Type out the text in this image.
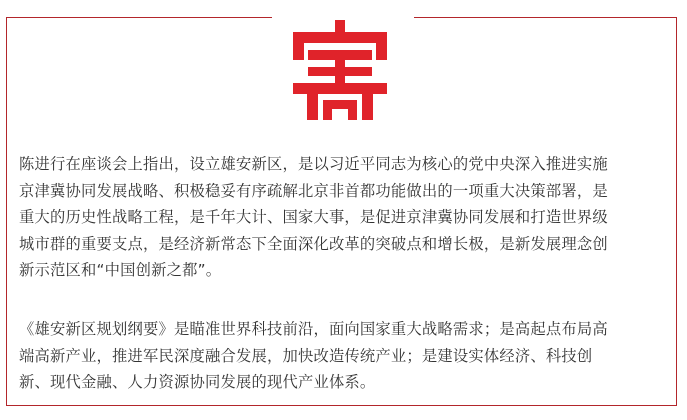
陈进行在座谈会上指出，设立雄安新区，是以习近平同志为核心的党中央深入推进实施
京津冀协同发展战略、积极稳妥有序疏解北京非首都功能做出的一项重大决策部署，是
重大的历史性战略工程，是千年大计、国家大事，是促进京津冀协同发展和打造世界级
城市群的重要支点，是经济新常态下全面深化改革的突破点和增长极，是新发展理念创
新示范区和“中国创新之都”。
《雄安新区规划纲要》是瞄准世界科技前沿，面向国家重大战略需求；是高起点布局高
端高新产业，推进军民深度融合发展，加快改造传统产业；是建设实体经济、科技创
新、现代金融、人力资源协同发展的现代产业体系。
